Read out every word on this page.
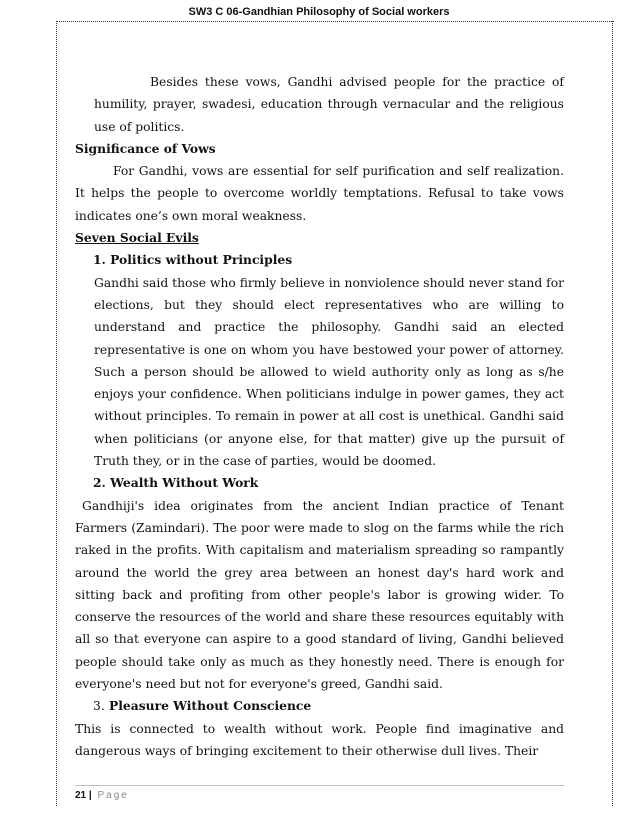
SW3 C 06-Gandhian Philosophy of Social workers

Besides these vows, Gandhi advised people for the practice of humility, prayer, swadesi, education through vernacular and the religious use of politics.

Significance of Vows

For Gandhi, vows are essential for self purification and self realization. It helps the people to overcome worldly temptations. Refusal to take vows indicates one’s own moral weakness.

Seven Social Evils

1. Politics without Principles

Gandhi said those who firmly believe in nonviolence should never stand for elections, but they should elect representatives who are willing to understand and practice the philosophy. Gandhi said an elected representative is one on whom you have bestowed your power of attorney. Such a person should be allowed to wield authority only as long as s/he enjoys your confidence. When politicians indulge in power games, they act without principles. To remain in power at all cost is unethical. Gandhi said when politicians (or anyone else, for that matter) give up the pursuit of Truth they, or in the case of parties, would be doomed.

2. Wealth Without Work

Gandhiji's idea originates from the ancient Indian practice of Tenant Farmers (Zamindari). The poor were made to slog on the farms while the rich raked in the profits. With capitalism and materialism spreading so rampantly around the world the grey area between an honest day's hard work and sitting back and profiting from other people's labor is growing wider. To conserve the resources of the world and share these resources equitably with all so that everyone can aspire to a good standard of living, Gandhi believed people should take only as much as they honestly need. There is enough for everyone's need but not for everyone's greed, Gandhi said.

3. Pleasure Without Conscience

This is connected to wealth without work. People find imaginative and dangerous ways of bringing excitement to their otherwise dull lives. Their

21 | Page
